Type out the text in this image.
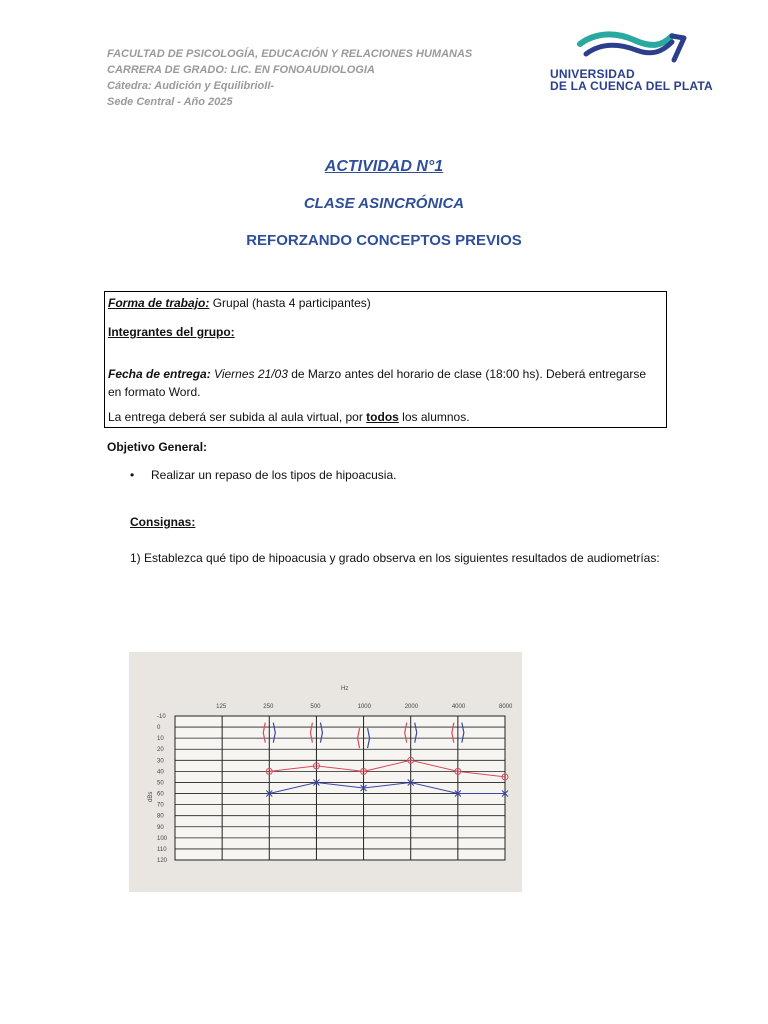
FACULTAD DE PSICOLOGÍA, EDUCACIÓN Y RELACIONES HUMANAS
CARRERA DE GRADO: LIC. EN FONOAUDIOLOGIA
Cátedra: Audición y EquilibrioII-
Sede Central - Año 2025
UNIVERSIDAD
DE LA CUENCA DEL PLATA
ACTIVIDAD N°1
CLASE ASINCRÓNICA
REFORZANDO CONCEPTOS PREVIOS
Forma de trabajo: Grupal (hasta 4 participantes)
Integrantes del grupo:
Fecha de entrega: Viernes 21/03 de Marzo antes del horario de clase (18:00 hs). Deberá entregarse en formato Word.
La entrega deberá ser subida al aula virtual, por todos los alumnos.
Objetivo General:
• Realizar un repaso de los tipos de hipoacusia.
Consignas:
1) Establezca qué tipo de hipoacusia y grado observa en los siguientes resultados de audiometrías:
Hz
dBs
125	250	500	1000	2000	4000	8000
-10
0
10
20
30
40
50
60
70
80
90
100
110
120
